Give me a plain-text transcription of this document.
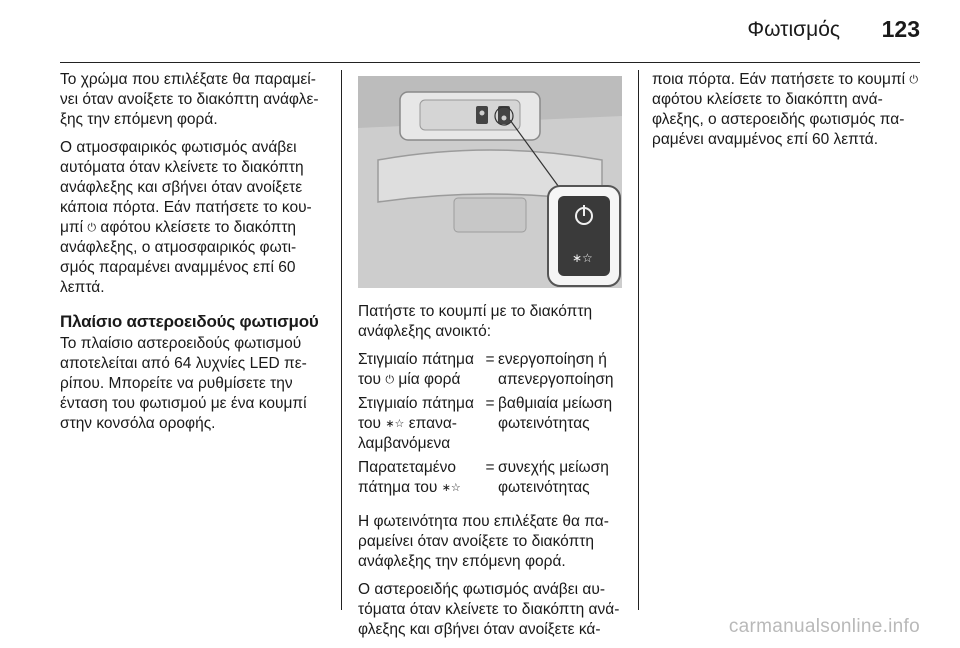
Φωτισμός 123

Το χρώμα που επιλέξατε θα παραμεί-νει όταν ανοίξετε το διακόπτη ανάφλε-ξης την επόμενη φορά.

Ο ατμοσφαιρικός φωτισμός ανάβει αυτόματα όταν κλείνετε το διακόπτη ανάφλεξης και σβήνει όταν ανοίξετε κάποια πόρτα. Εάν πατήσετε το κου-μπί ⏻ αφότου κλείσετε το διακόπτη ανάφλεξης, ο ατμοσφαιρικός φωτι-σμός παραμένει αναμμένος επί 60 λεπτά.

Πλαίσιο αστεροειδούς φωτισμού

Το πλαίσιο αστεροειδούς φωτισμού αποτελείται από 64 λυχνίες LED πε-ρίπου. Μπορείτε να ρυθμίσετε την ένταση του φωτισμού με ένα κουμπί στην κονσόλα οροφής.

∗☆

Πατήστε το κουμπί με το διακόπτη ανάφλεξης ανοικτό:

Στιγμιαίο πάτημα του ⏻ μία φορά	=	ενεργοποίηση ή απενεργοποίηση
Στιγμιαίο πάτημα του ∗☆ επανα-λαμβανόμενα	=	βαθμιαία μείωση φωτεινότητας
Παρατεταμένο πάτημα του ∗☆	=	συνεχής μείωση φωτεινότητας

Η φωτεινότητα που επιλέξατε θα πα-ραμείνει όταν ανοίξετε το διακόπτη ανάφλεξης την επόμενη φορά.

Ο αστεροειδής φωτισμός ανάβει αυ-τόματα όταν κλείνετε το διακόπτη ανά-φλεξης και σβήνει όταν ανοίξετε κά-

ποια πόρτα. Εάν πατήσετε το κουμπί ⏻ αφότου κλείσετε το διακόπτη ανά-φλεξης, ο αστεροειδής φωτισμός πα-ραμένει αναμμένος επί 60 λεπτά.

carmanualsonline.info
